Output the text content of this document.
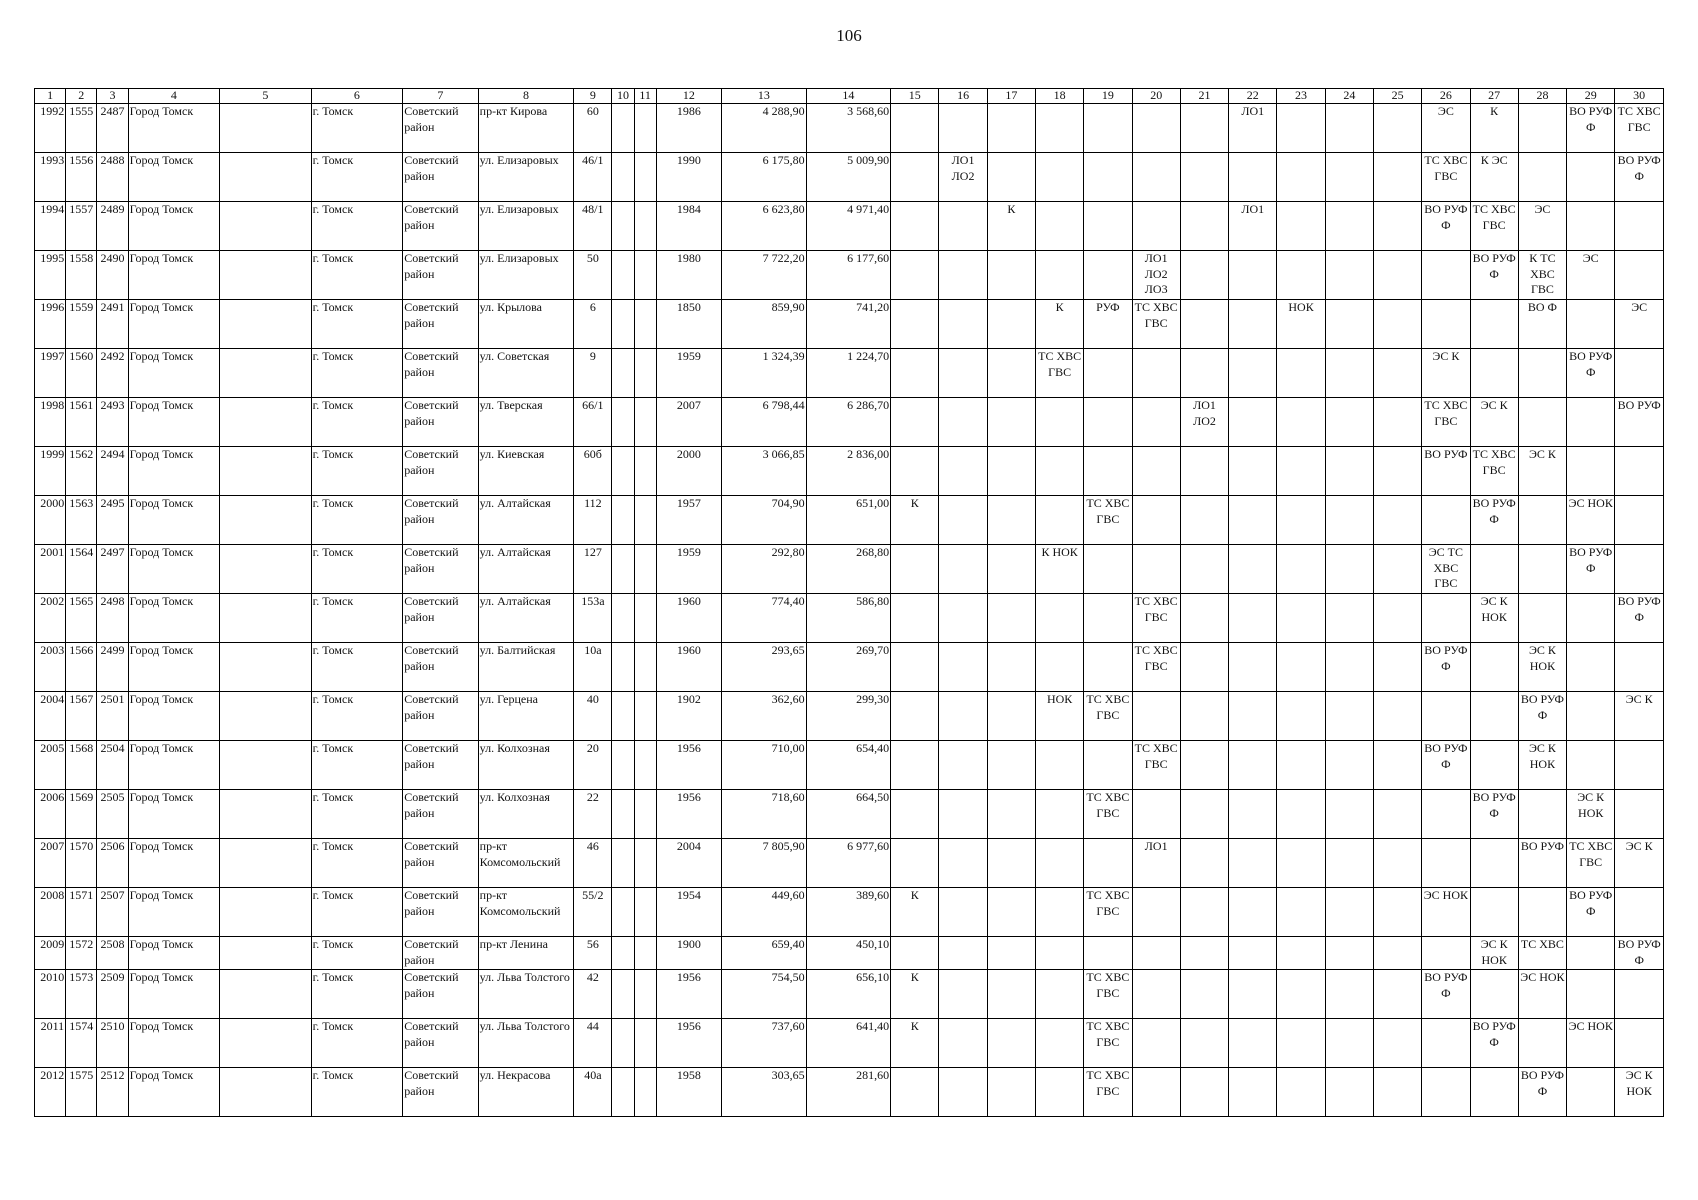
106
1	2	3	4	5	6	7	8	9	10	11	12	13	14	15	16	17	18	19	20	21	22	23	24	25	26	27	28	29	30
1992	1555	2487	Город Томск		г. Томск	Советский район	пр-кт Кирова	60			1986	4 288,90	3 568,60								ЛО1				ЭС	К		ВО РУФ Ф	ТС ХВС ГВС
1993	1556	2488	Город Томск		г. Томск	Советский район	ул. Елизаровых	46/1			1990	6 175,80	5 009,90		ЛО1 ЛО2										ТС ХВС ГВС	К ЭС			ВО РУФ Ф
1994	1557	2489	Город Томск		г. Томск	Советский район	ул. Елизаровых	48/1			1984	6 623,80	4 971,40			К					ЛО1				ВО РУФ Ф	ТС ХВС ГВС	ЭС		
1995	1558	2490	Город Томск		г. Томск	Советский район	ул. Елизаровых	50			1980	7 722,20	6 177,60						ЛО1 ЛО2 ЛО3							ВО РУФ Ф	К ТС ХВС ГВС	ЭС	
1996	1559	2491	Город Томск		г. Томск	Советский район	ул. Крылова	6			1850	859,90	741,20				К	РУФ	ТС ХВС ГВС			НОК					ВО Ф		ЭС
1997	1560	2492	Город Томск		г. Томск	Советский район	ул. Советская	9			1959	1 324,39	1 224,70				ТС ХВС ГВС								ЭС К			ВО РУФ Ф	
1998	1561	2493	Город Томск		г. Томск	Советский район	ул. Тверская	66/1			2007	6 798,44	6 286,70							ЛО1 ЛО2					ТС ХВС ГВС	ЭС К			ВО РУФ
1999	1562	2494	Город Томск		г. Томск	Советский район	ул. Киевская	60б			2000	3 066,85	2 836,00												ВО РУФ	ТС ХВС ГВС	ЭС К		
2000	1563	2495	Город Томск		г. Томск	Советский район	ул. Алтайская	112			1957	704,90	651,00	К				ТС ХВС ГВС								ВО РУФ Ф		ЭС НОК	
2001	1564	2497	Город Томск		г. Томск	Советский район	ул. Алтайская	127			1959	292,80	268,80				К НОК								ЭС ТС ХВС ГВС			ВО РУФ Ф	
2002	1565	2498	Город Томск		г. Томск	Советский район	ул. Алтайская	153а			1960	774,40	586,80						ТС ХВС ГВС							ЭС К НОК			ВО РУФ Ф
2003	1566	2499	Город Томск		г. Томск	Советский район	ул. Балтийская	10а			1960	293,65	269,70						ТС ХВС ГВС						ВО РУФ Ф		ЭС К НОК		
2004	1567	2501	Город Томск		г. Томск	Советский район	ул. Герцена	40			1902	362,60	299,30				НОК	ТС ХВС ГВС									ВО РУФ Ф		ЭС К
2005	1568	2504	Город Томск		г. Томск	Советский район	ул. Колхозная	20			1956	710,00	654,40						ТС ХВС ГВС						ВО РУФ Ф		ЭС К НОК		
2006	1569	2505	Город Томск		г. Томск	Советский район	ул. Колхозная	22			1956	718,60	664,50					ТС ХВС ГВС								ВО РУФ Ф		ЭС К НОК	
2007	1570	2506	Город Томск		г. Томск	Советский район	пр-кт Комсомольский	46			2004	7 805,90	6 977,60						ЛО1								ВО РУФ	ТС ХВС ГВС	ЭС К
2008	1571	2507	Город Томск		г. Томск	Советский район	пр-кт Комсомольский	55/2			1954	449,60	389,60	К				ТС ХВС ГВС							ЭС НОК			ВО РУФ Ф	
2009	1572	2508	Город Томск		г. Томск	Советский район	пр-кт Ленина	56			1900	659,40	450,10													ЭС К НОК	ТС ХВС		ВО РУФ Ф
2010	1573	2509	Город Томск		г. Томск	Советский район	ул. Льва Толстого	42			1956	754,50	656,10	К				ТС ХВС ГВС							ВО РУФ Ф		ЭС НОК		
2011	1574	2510	Город Томск		г. Томск	Советский район	ул. Льва Толстого	44			1956	737,60	641,40	К				ТС ХВС ГВС								ВО РУФ Ф		ЭС НОК	
2012	1575	2512	Город Томск		г. Томск	Советский район	ул. Некрасова	40а			1958	303,65	281,60					ТС ХВС ГВС									ВО РУФ Ф		ЭС К НОК
